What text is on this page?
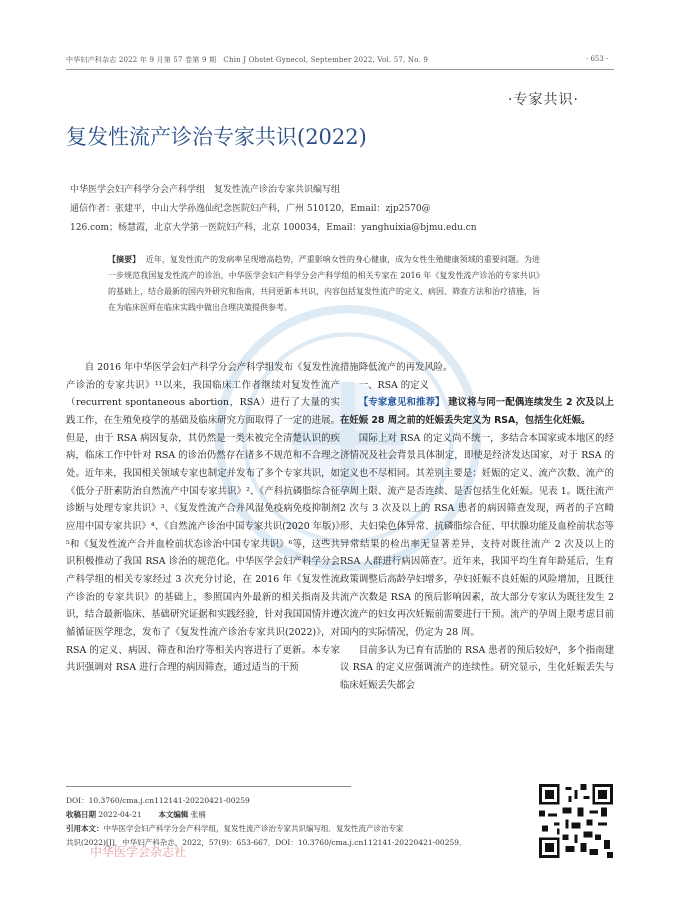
中华妇产科杂志 2022 年 9 月第 57 卷第 9 期　Chin J Obstet Gynecol, September 2022, Vol. 57, No. 9	· 653 ·
·专家共识·
复发性流产诊治专家共识(2022)
中华医学会妇产科学分会产科学组　复发性流产诊治专家共识编写组
通信作者：张建平，中山大学孙逸仙纪念医院妇产科，广州 510120，Email：zjp2570@
126.com；杨慧霞，北京大学第一医院妇产科，北京 100034，Email：yanghuixia@bjmu.edu.cn
【摘要】 近年，复发性流产的发病率呈现增高趋势，严重影响女性的身心健康，成为女性生殖健康领域的重要问题。为进一步规范我国复发性流产的诊治，中华医学会妇产科学分会产科学组的相关专家在 2016 年《复发性流产诊治的专家共识》的基础上，结合最新的国内外研究和指南，共同更新本共识，内容包括复发性流产的定义、病因、筛查方法和治疗措施，旨在为临床医师在临床实践中做出合理决策提供参考。

自 2016 年中华医学会妇产科学分会产科学组发布《复发性流产诊治的专家共识》¹¹以来，我国临床工作者继续对复发性流产（recurrent spontaneous abortion，RSA）进行了大量的实践工作，在生殖免疫学的基础及临床研究方面取得了一定的进展。但是，由于 RSA 病因复杂，其仍然是一类未被完全清楚认识的疾病，临床工作中针对 RSA 的诊治仍然存在诸多不规范和不合理之处。近年来，我国相关领域专家也制定并发布了多个专家共识，如《低分子肝素防治自然流产中国专家共识》²、《产科抗磷脂综合征诊断与处理专家共识》³、《复发性流产合并风湿免疫病免疫抑制剂应用中国专家共识》⁴、《自然流产诊治中国专家共识(2020 年版)》⁵和《复发性流产合并血栓前状态诊治中国专家共识》⁶等，这些共识积极推动了我国 RSA 诊治的规范化。中华医学会妇产科学分会产科学组的相关专家经过 3 次充分讨论，在 2016 年《复发性流产诊治的专家共识》的基础上，参照国内外最新的相关指南及共识，结合最新临床、基础研究证据和实践经验，针对我国国情并遵循循证医学理念，发布了《复发性流产诊治专家共识(2022)》，对 RSA 的定义、病因、筛查和治疗等相关内容进行了更新。本专家共识强调对 RSA 进行合理的病因筛查，通过适当的干预

措施降低流产的再发风险。

一、RSA 的定义

【专家意见和推荐】 建议将与同一配偶连续发生 2 次及以上在妊娠 28 周之前的妊娠丢失定义为 RSA，包括生化妊娠。

国际上对 RSA 的定义尚不统一，多结合本国家或本地区的经济情况及社会背景具体制定，即使是经济发达国家，对于 RSA 的定义也不尽相同。其差别主要是：妊娠的定义、流产次数、流产的孕周上限、流产是否连续、是否包括生化妊娠。见表 1。既往流产 2 次与 3 次及以上的 RSA 患者的病因筛查发现，两者的子宫畸形、夫妇染色体异常、抗磷脂综合征、甲状腺功能及血栓前状态等异常结果的检出率无显著差异，支持对既往流产 2 次及以上的 RSA 人群进行病因筛查⁷。近年来，我国平均生育年龄延后，生育政策调整后高龄孕妇增多，孕妇妊娠不良妊娠的风险增加，且既往流产次数是 RSA 的预后影响因素，故大部分专家认为既往发生 2 次流产的妇女再次妊娠前需要进行干预。流产的孕周上限考虑目前国内的实际情况，仍定为 28 周。

目前多认为已育有活胎的 RSA 患者的预后较好⁸，多个指南建议 RSA 的定义应强调流产的连续性。研究显示，生化妊娠丢失与临床妊娠丢失都会

DOI：10.3760/cma.j.cn112141-20220421-00259
收稿日期 2022-04-21 本文编辑 张楠
引用本文：中华医学会妇产科学分会产科学组，复发性流产诊治专家共识编写组．复发性流产诊治专家
共识(2022)[J]．中华妇产科杂志，2022，57(9)：653-667．DOI：10.3760/cma.j.cn112141-20220421-00259．
中华医学会杂志社
